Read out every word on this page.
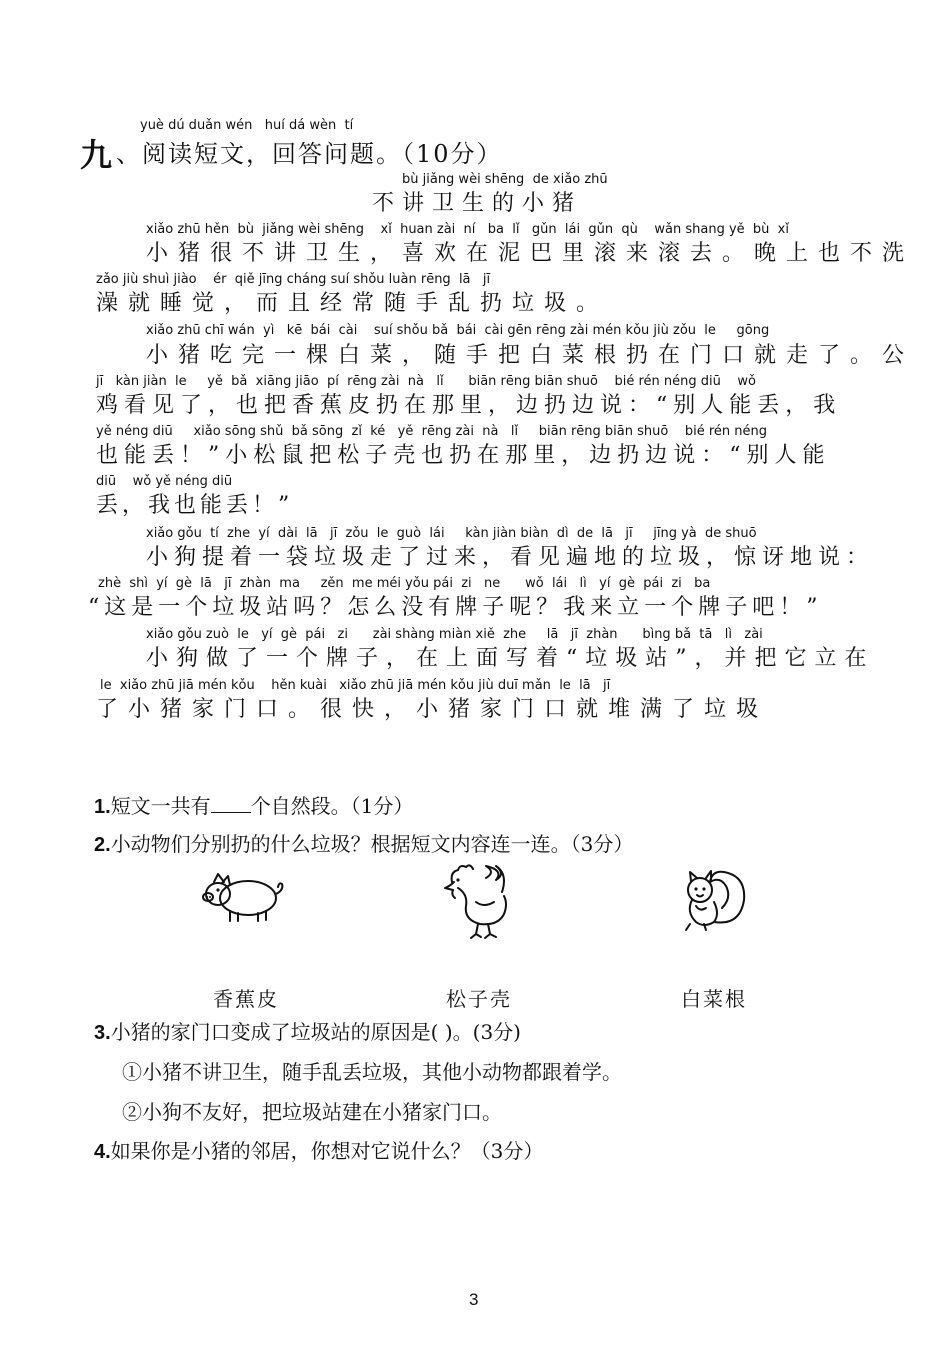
yuè dú duǎn wén   huí dá wèn  tí
九 、阅读短文，回答问题。（10分）
bù jiǎng wèi shēng  de xiǎo zhū
不讲卫生的小猪
xiǎo zhū hěn  bù  jiǎng wèi shēng    xǐ  huan zài  ní   ba  lǐ   gǔn  lái  gǔn  qù    wǎn shang yě  bù  xǐ
小猪很不讲卫生，喜欢在泥巴里滚来滚去。晚上也不洗
zǎo jiù shuì jiào    ér  qiě jīng cháng suí shǒu luàn rēng  lā   jī
澡就睡觉，而且经常随手乱扔垃圾。
xiǎo zhū chī wán  yì   kē  bái  cài    suí shǒu bǎ  bái  cài gēn rēng zài mén kǒu jiù zǒu  le     gōng
小猪吃完一棵白菜，随手把白菜根扔在门口就走了。公
jī   kàn jiàn  le     yě  bǎ  xiāng jiāo  pí  rēng zài  nà   lǐ      biān rēng biān shuō    bié rén néng diū    wǒ
鸡看见了，也把香蕉皮扔在那里，边扔边说：“别人能丢，我
yě néng diū     xiǎo sōng shǔ  bǎ sōng  zǐ  ké   yě  rēng zài  nà   lǐ     biān rēng biān shuō    bié rén néng
也能丢！”小松鼠把松子壳也扔在那里，边扔边说：“别人能
diū    wǒ yě néng diū
丢，我也能丢！”
xiǎo gǒu  tí  zhe  yí  dài  lā   jī  zǒu  le  guò  lái     kàn jiàn biàn  dì  de  lā   jī     jīng yà  de shuō
小狗提着一袋垃圾走了过来，看见遍地的垃圾，惊讶地说：
zhè  shì  yí  gè  lā   jī  zhàn  ma     zěn  me méi yǒu pái  zi   ne      wǒ  lái   lì   yí  gè  pái  zi   ba
“这是一个垃圾站吗？怎么没有牌子呢？我来立一个牌子吧！”
xiǎo gǒu zuò  le   yí  gè  pái   zi      zài shàng miàn xiě  zhe     lā   jī  zhàn      bìng bǎ  tā   lì   zài
小狗做了一个牌子，在上面写着“垃圾站”，并把它立在
le  xiǎo zhū jiā mén kǒu    hěn kuài   xiǎo zhū jiā mén kǒu jiù duī mǎn  le  lā   jī
了小猪家门口。很快，小猪家门口就堆满了垃圾
1.短文一共有 个自然段。（1分）
2.小动物们分别扔的什么垃圾？根据短文内容连一连。（3分）
香蕉皮	松子壳	白菜根
3.小猪的家门口变成了垃圾站的原因是( )。(3分)
①小猪不讲卫生，随手乱丢垃圾，其他小动物都跟着学。
②小狗不友好，把垃圾站建在小猪家门口。
4.如果你是小猪的邻居，你想对它说什么？（3分）
3
